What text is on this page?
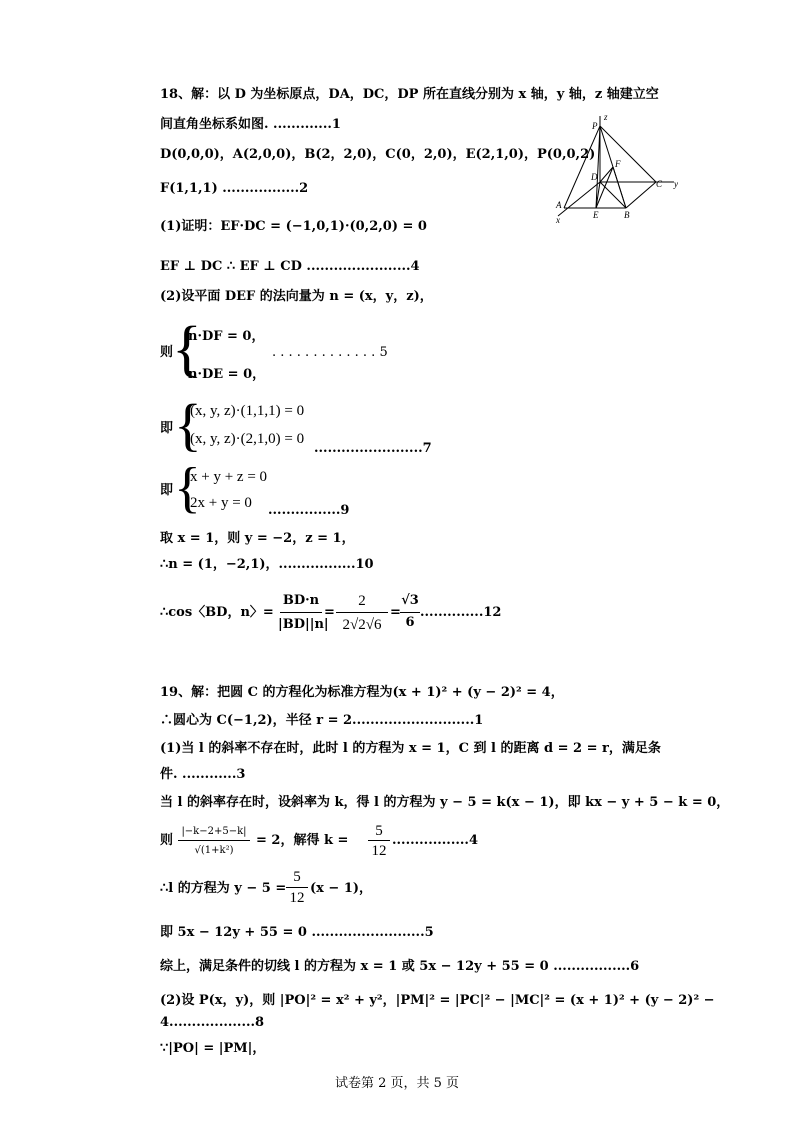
18、解：以 D 为坐标原点，DA，DC，DP 所在直线分别为 x 轴，y 轴，z 轴建立空
间直角坐标系如图. .............1
D(0,0,0)，A(2,0,0)，B(2，2,0)，C(0，2,0)，E(2,1,0)，P(0,0,2)
F(1,1,1) .................2
(1)证明：EF·DC = (−1,0,1)·(0,2,0) = 0
EF ⊥ DC ∴ EF ⊥ CD .......................4
(2)设平面 DEF 的法向量为 n = (x，y，z)，
则
{
n·DF = 0，
n·DE = 0，
. . . . . . . . . . . . . 5
即 {
(x, y, z)·(1,1,1) = 0
(x, y, z)·(2,1,0) = 0
........................7
即 {
x + y + z = 0
2x + y = 0 ................9
取 x = 1，则 y = −2，z = 1，
∴n = (1，−2,1)，.................10
∴cos〈BD，n〉=
BD·n
|BD||n|
=
2
2√2√6
=
√3
6
..............12
z
P
F
D
C y
A
E	B
x
19、解：把圆 C 的方程化为标准方程为(x + 1)² + (y − 2)² = 4，
∴圆心为 C(−1,2)，半径 r = 2...........................1
(1)当 l 的斜率不存在时，此时 l 的方程为 x = 1，C 到 l 的距离 d = 2 = r，满足条
件. ............3
当 l 的斜率存在时，设斜率为 k，得 l 的方程为 y − 5 = k(x − 1)，即 kx − y + 5 − k = 0，
则
|−k−2+5−k|
√(1+k²)
= 2，解得 k =
5
12
.................4
∴l 的方程为 y − 5 =
5
12
(x − 1)，
即 5x − 12y + 55 = 0 .........................5
综上，满足条件的切线 l 的方程为 x = 1 或 5x − 12y + 55 = 0 .................6
(2)设 P(x，y)，则 |PO|² = x² + y²，|PM|² = |PC|² − |MC|² = (x + 1)² + (y − 2)² −
4...................8
∵|PO| = |PM|，
试卷第 2 页，共 5 页
